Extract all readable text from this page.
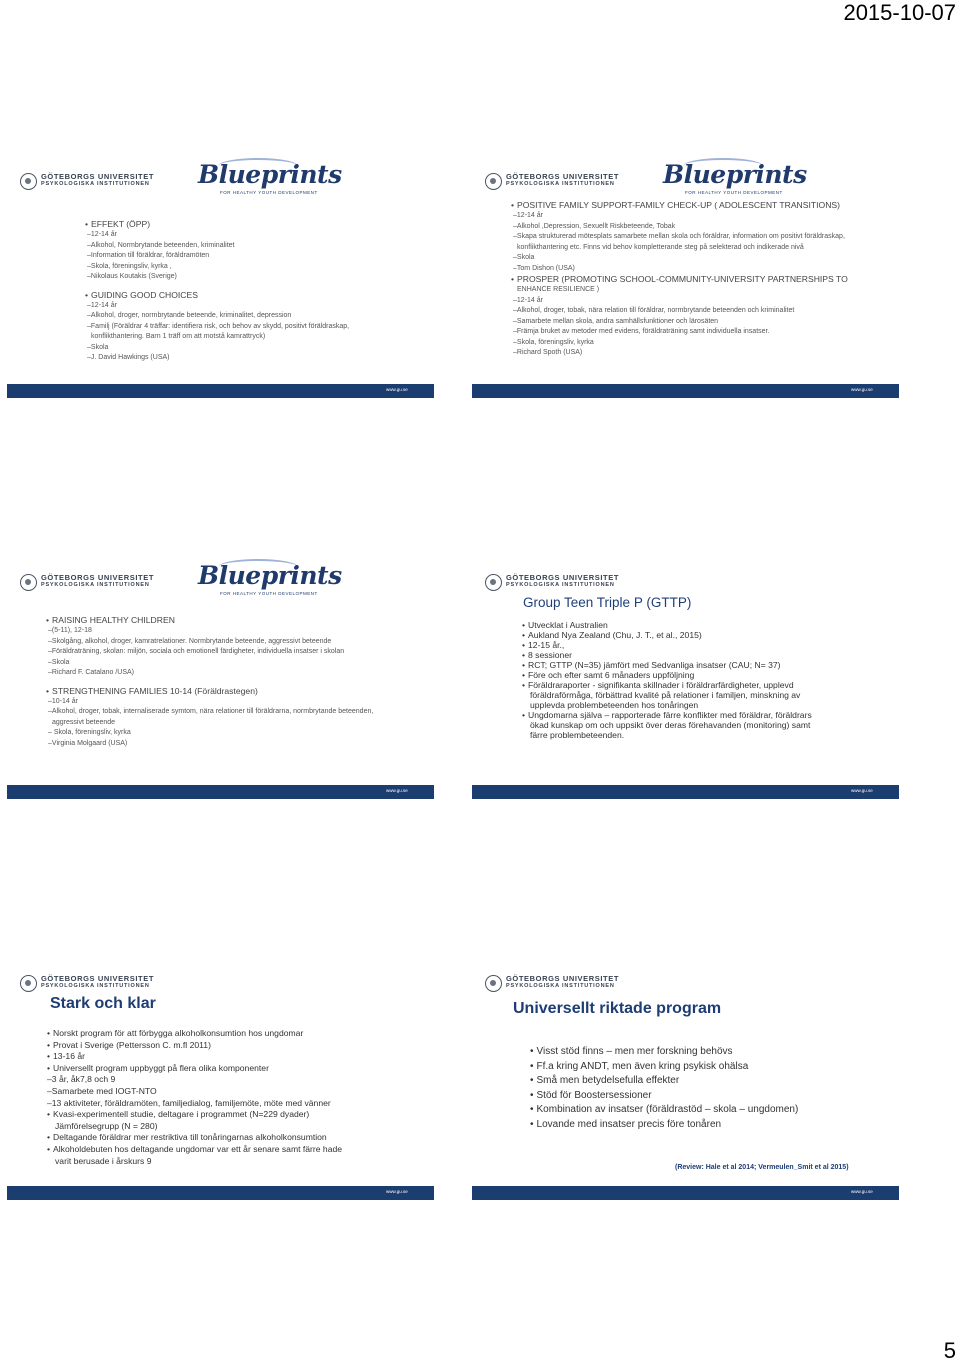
2015-10-07
GÖTEBORGS UNIVERSITET
PSYKOLOGISKA INSTITUTIONEN Blueprints
FOR HEALTHY YOUTH DEVELOPMENT
• EFFEKT (ÖPP)
– 12-14 år
– Alkohol, Normbrytande beteenden, kriminalitet
– Information till föräldrar, föräldramöten
– Skola, föreningsliv, kyrka ,
– Nikolaus Koutakis (Sverige)
• GUIDING GOOD CHOICES
– 12-14 år
– Alkohol, droger, normbrytande beteende, kriminalitet, depression
– Familj (Föräldrar 4 träffar: identifiera risk, och behov av skydd, positivt föräldraskap,
konflikthantering. Barn 1 träff om att motstå kamrattryck)
– Skola
– J. David Hawkings (USA)
www.gu.se
GÖTEBORGS UNIVERSITET
PSYKOLOGISKA INSTITUTIONEN Blueprints
FOR HEALTHY YOUTH DEVELOPMENT
• POSITIVE FAMILY SUPPORT-FAMILY CHECK-UP ( ADOLESCENT TRANSITIONS)
– 12-14 år
– Alkohol ,Depression, Sexuellt Riskbeteende, Tobak
– Skapa strukturerad mötesplats samarbete mellan skola och föräldrar, information om positivt föräldraskap,
konflikthantering etc. Finns vid behov kompletterande steg på selekterad och indikerade nivå
– Skola
– Tom Dishon (USA)
• PROSPER (PROMOTING SCHOOL-COMMUNITY-UNIVERSITY PARTNERSHIPS TO
ENHANCE RESILIENCE )
– 12-14 år
– Alkohol, droger, tobak, nära relation till föräldrar, normbrytande beteenden och kriminalitet
– Samarbete mellan skola, andra samhällsfunktioner och lärosäten
– Främja bruket av metoder med evidens, föräldraträning samt individuella insatser.
– Skola, föreningsliv, kyrka
– Richard Spoth (USA)
www.gu.se
GÖTEBORGS UNIVERSITET
PSYKOLOGISKA INSTITUTIONEN Blueprints
FOR HEALTHY YOUTH DEVELOPMENT
• RAISING HEALTHY CHILDREN
– (5-11), 12-18
– Skolgång, alkohol, droger, kamratrelationer. Normbrytande beteende, aggressivt beteende
– Föräldraträning, skolan: miljön, sociala och emotionell färdigheter, individuella insatser i skolan
– Skola
– Richard F. Catalano /USA)
• STRENGTHENING FAMILIES 10-14 (Föräldrastegen)
– 10-14 år
– Alkohol, droger, tobak, internaliserade symtom, nära relationer till föräldrarna, normbrytande beteenden,
aggressivt beteende
– Skola, föreningsliv, kyrka
– Virginia Molgaard (USA)
www.gu.se
GÖTEBORGS UNIVERSITET
PSYKOLOGISKA INSTITUTIONEN
Group Teen Triple P (GTTP)
• Utvecklat i Australien
• Aukland Nya Zealand (Chu, J. T., et al., 2015)
• 12-15 år.,
• 8 sessioner
• RCT; GTTP (N=35) jämfört med Sedvanliga insatser (CAU; N= 37)
• Före och efter samt 6 månaders uppföljning
• Föräldraraporter - signifikanta skillnader i föräldrarfärdigheter, upplevd
föräldraförmåga, förbättrad kvalité på relationer i familjen, minskning av
upplevda problembeteenden hos tonåringen
• Ungdomarna själva – rapporterade färre konflikter med föräldrar, föräldrars
ökad kunskap om och uppsikt över deras förehavanden (monitoring) samt
färre problembeteenden.
www.gu.se
GÖTEBORGS UNIVERSITET
PSYKOLOGISKA INSTITUTIONEN
Stark och klar
• Norskt program för att förbygga alkoholkonsumtion hos ungdomar
• Provat i Sverige (Pettersson C. m.fl 2011)
• 13-16 år
• Universellt program uppbyggt på flera olika komponenter
– 3 år, åk7,8 och 9
– Samarbete med IOGT-NTO
– 13 aktiviteter, föräldramöten, familjedialog, familjemöte, möte med vänner
• Kvasi-experimentell studie, deltagare i programmet (N=229 dyader)
Jämförelsegrupp (N = 280)
• Deltagande föräldrar mer restriktiva till tonåringarnas alkoholkonsumtion
• Alkoholdebuten hos deltagande ungdomar var ett år senare samt färre hade
varit berusade i årskurs 9
www.gu.se
GÖTEBORGS UNIVERSITET
PSYKOLOGISKA INSTITUTIONEN
Universellt riktade program
• Visst stöd finns – men mer forskning behövs
• Ff.a kring ANDT, men även kring psykisk ohälsa
• Små men betydelsefulla effekter
• Stöd för Boostersessioner
• Kombination av insatser (föräldrastöd – skola – ungdomen)
• Lovande med insatser precis före tonåren
(Review: Hale et al 2014; Vermeulen_Smit et al 2015)
www.gu.se
5
